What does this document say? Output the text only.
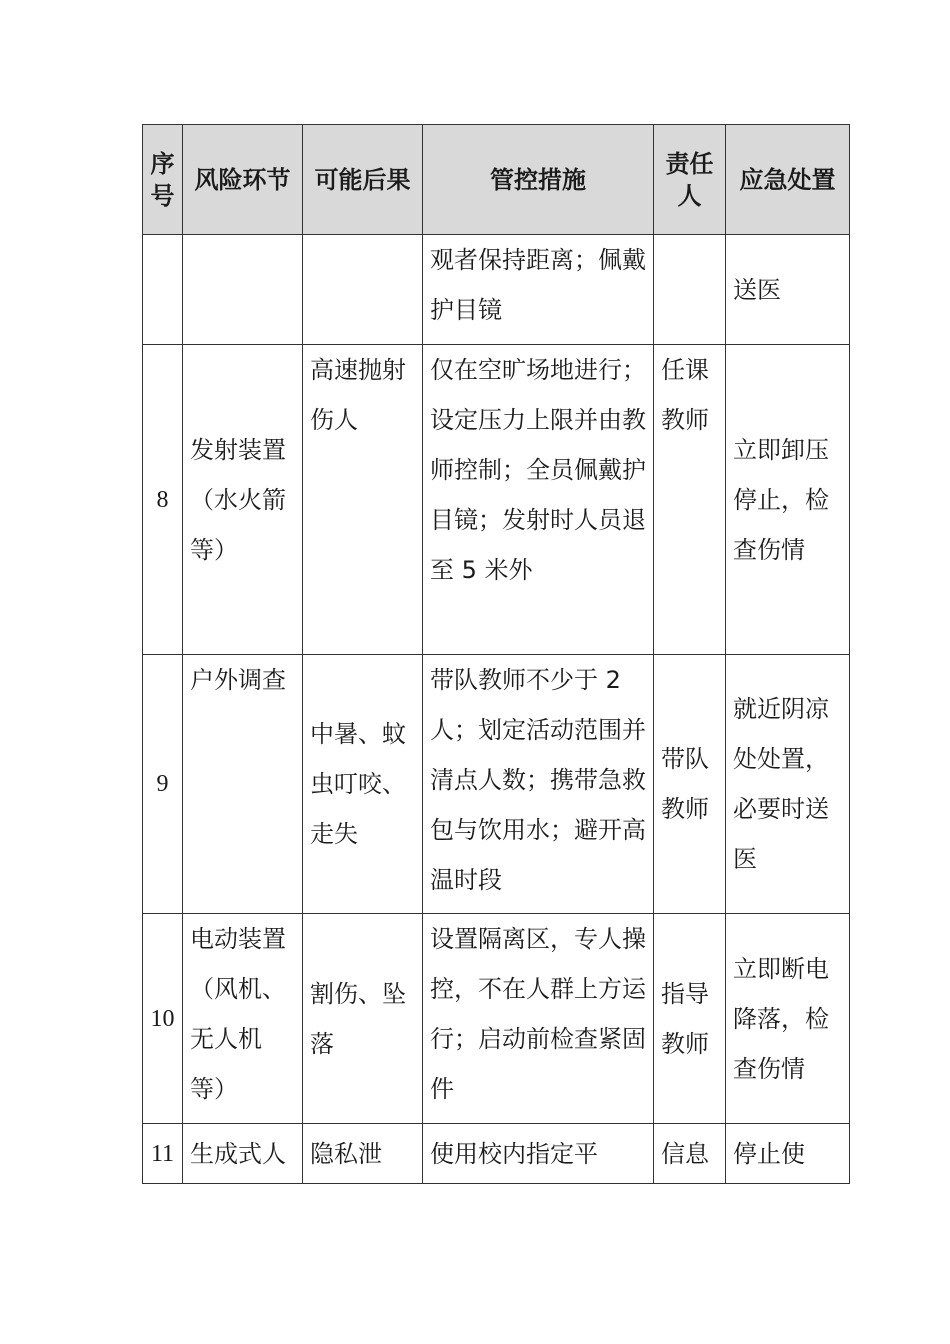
序号	风险环节	可能后果	管控措施	责任人	应急处置
			观者保持距离；佩戴护目镜		送医
8	发射装置（水火箭等）	高速抛射伤人	仅在空旷场地进行；设定压力上限并由教师控制；全员佩戴护目镜；发射时人员退至 5 米外	任课教师	立即卸压停止，检查伤情
9	户外调查	中暑、蚊虫叮咬、走失	带队教师不少于 2 人；划定活动范围并清点人数；携带急救包与饮用水；避开高温时段	带队教师	就近阴凉处处置，必要时送医
10	电动装置（风机、无人机等）	割伤、坠落	设置隔离区，专人操控，不在人群上方运行；启动前检查紧固件	指导教师	立即断电降落，检查伤情
11	生成式人	隐私泄	使用校内指定平	信息	停止使
